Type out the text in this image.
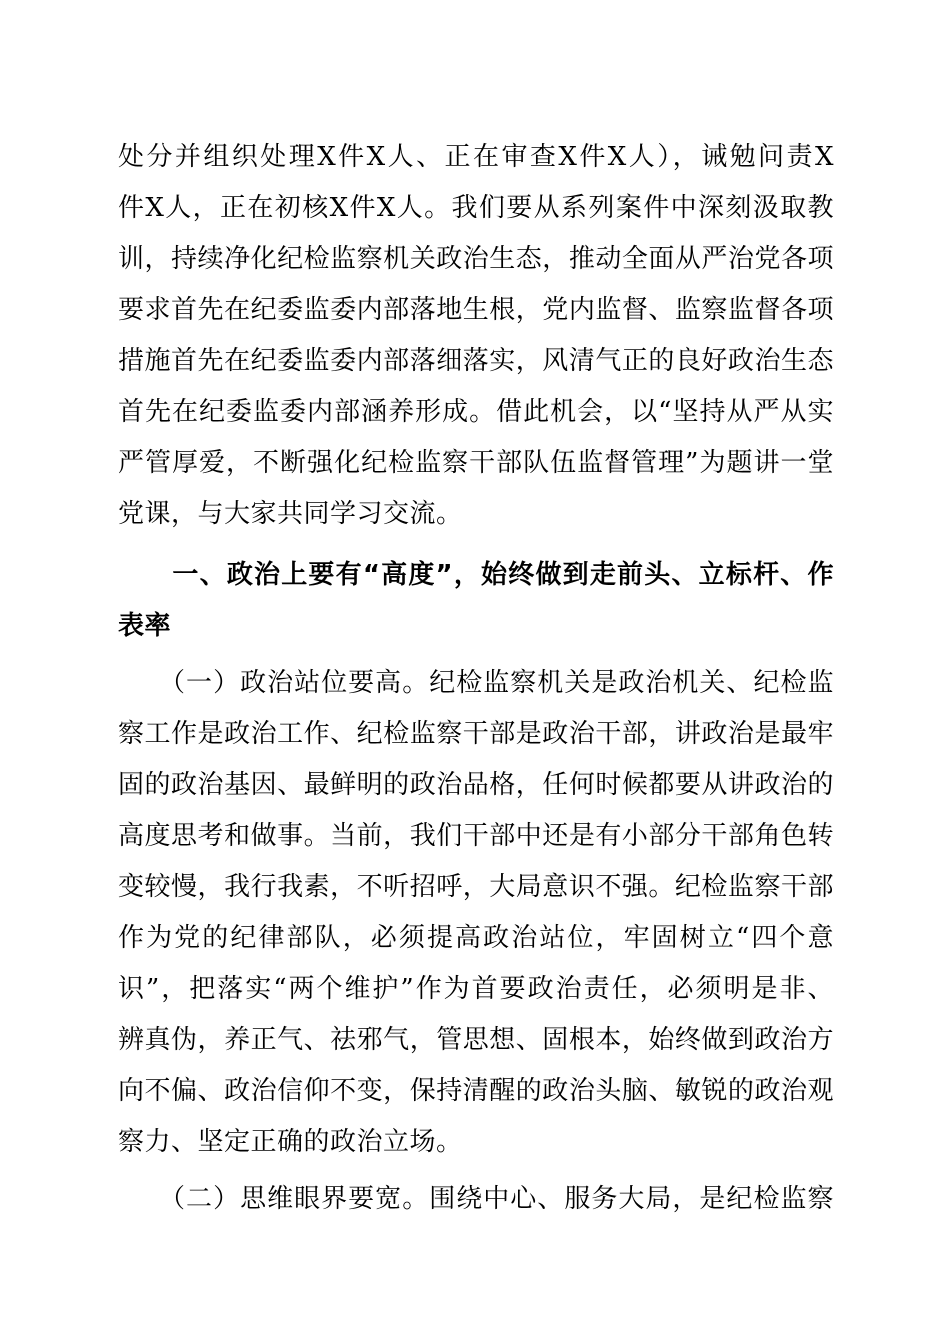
处分并组织处理X件X人、正在审查X件X人），诫勉问责X
件X人，正在初核X件X人。我们要从系列案件中深刻汲取教
训，持续净化纪检监察机关政治生态，推动全面从严治党各项
要求首先在纪委监委内部落地生根，党内监督、监察监督各项
措施首先在纪委监委内部落细落实，风清气正的良好政治生态
首先在纪委监委内部涵养形成。借此机会，以“坚持从严从实
严管厚爱，不断强化纪检监察干部队伍监督管理”为题讲一堂
党课，与大家共同学习交流。
　　一、政治上要有“高度”，始终做到走前头、立标杆、作
表率
　　（一）政治站位要高。纪检监察机关是政治机关、纪检监
察工作是政治工作、纪检监察干部是政治干部，讲政治是最牢
固的政治基因、最鲜明的政治品格，任何时候都要从讲政治的
高度思考和做事。当前，我们干部中还是有小部分干部角色转
变较慢，我行我素，不听招呼，大局意识不强。纪检监察干部
作为党的纪律部队，必须提高政治站位，牢固树立“四个意
识”，把落实“两个维护”作为首要政治责任，必须明是非、
辨真伪，养正气、祛邪气，管思想、固根本，始终做到政治方
向不偏、政治信仰不变，保持清醒的政治头脑、敏锐的政治观
察力、坚定正确的政治立场。
　　（二）思维眼界要宽。围绕中心、服务大局，是纪检监察
